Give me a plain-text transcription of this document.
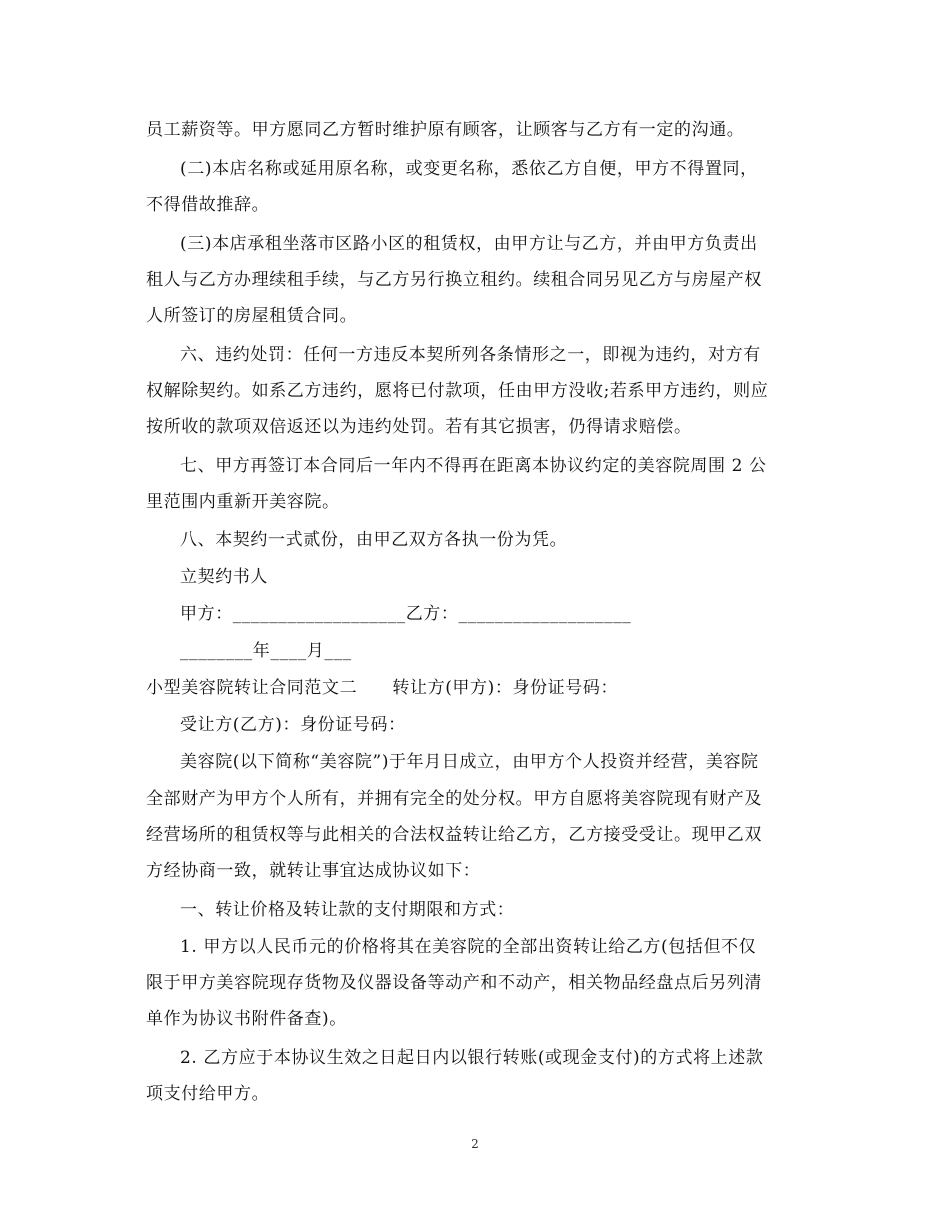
员工薪资等。甲方愿同乙方暂时维护原有顾客，让顾客与乙方有一定的沟通。
(二)本店名称或延用原名称，或变更名称，悉依乙方自便，甲方不得置同，
不得借故推辞。
(三)本店承租坐落市区路小区的租赁权，由甲方让与乙方，并由甲方负责出
租人与乙方办理续租手续，与乙方另行换立租约。续租合同另见乙方与房屋产权
人所签订的房屋租赁合同。
六、违约处罚：任何一方违反本契所列各条情形之一，即视为违约，对方有
权解除契约。如系乙方违约，愿将已付款项，任由甲方没收;若系甲方违约，则应
按所收的款项双倍返还以为违约处罚。若有其它损害，仍得请求赔偿。
七、甲方再签订本合同后一年内不得再在距离本协议约定的美容院周围 2 公
里范围内重新开美容院。
八、本契约一式贰份，由甲乙双方各执一份为凭。
立契约书人
甲方：___________________乙方：___________________
________年____月___
小型美容院转让合同范文二　　转让方(甲方)：身份证号码：
受让方(乙方)：身份证号码：
美容院(以下简称“美容院”)于年月日成立，由甲方个人投资并经营，美容院
全部财产为甲方个人所有，并拥有完全的处分权。甲方自愿将美容院现有财产及
经营场所的租赁权等与此相关的合法权益转让给乙方，乙方接受受让。现甲乙双
方经协商一致，就转让事宜达成协议如下：
一、转让价格及转让款的支付期限和方式：
1. 甲方以人民币元的价格将其在美容院的全部出资转让给乙方(包括但不仅
限于甲方美容院现存货物及仪器设备等动产和不动产，相关物品经盘点后另列清
单作为协议书附件备查)。
2. 乙方应于本协议生效之日起日内以银行转账(或现金支付)的方式将上述款
项支付给甲方。
2
